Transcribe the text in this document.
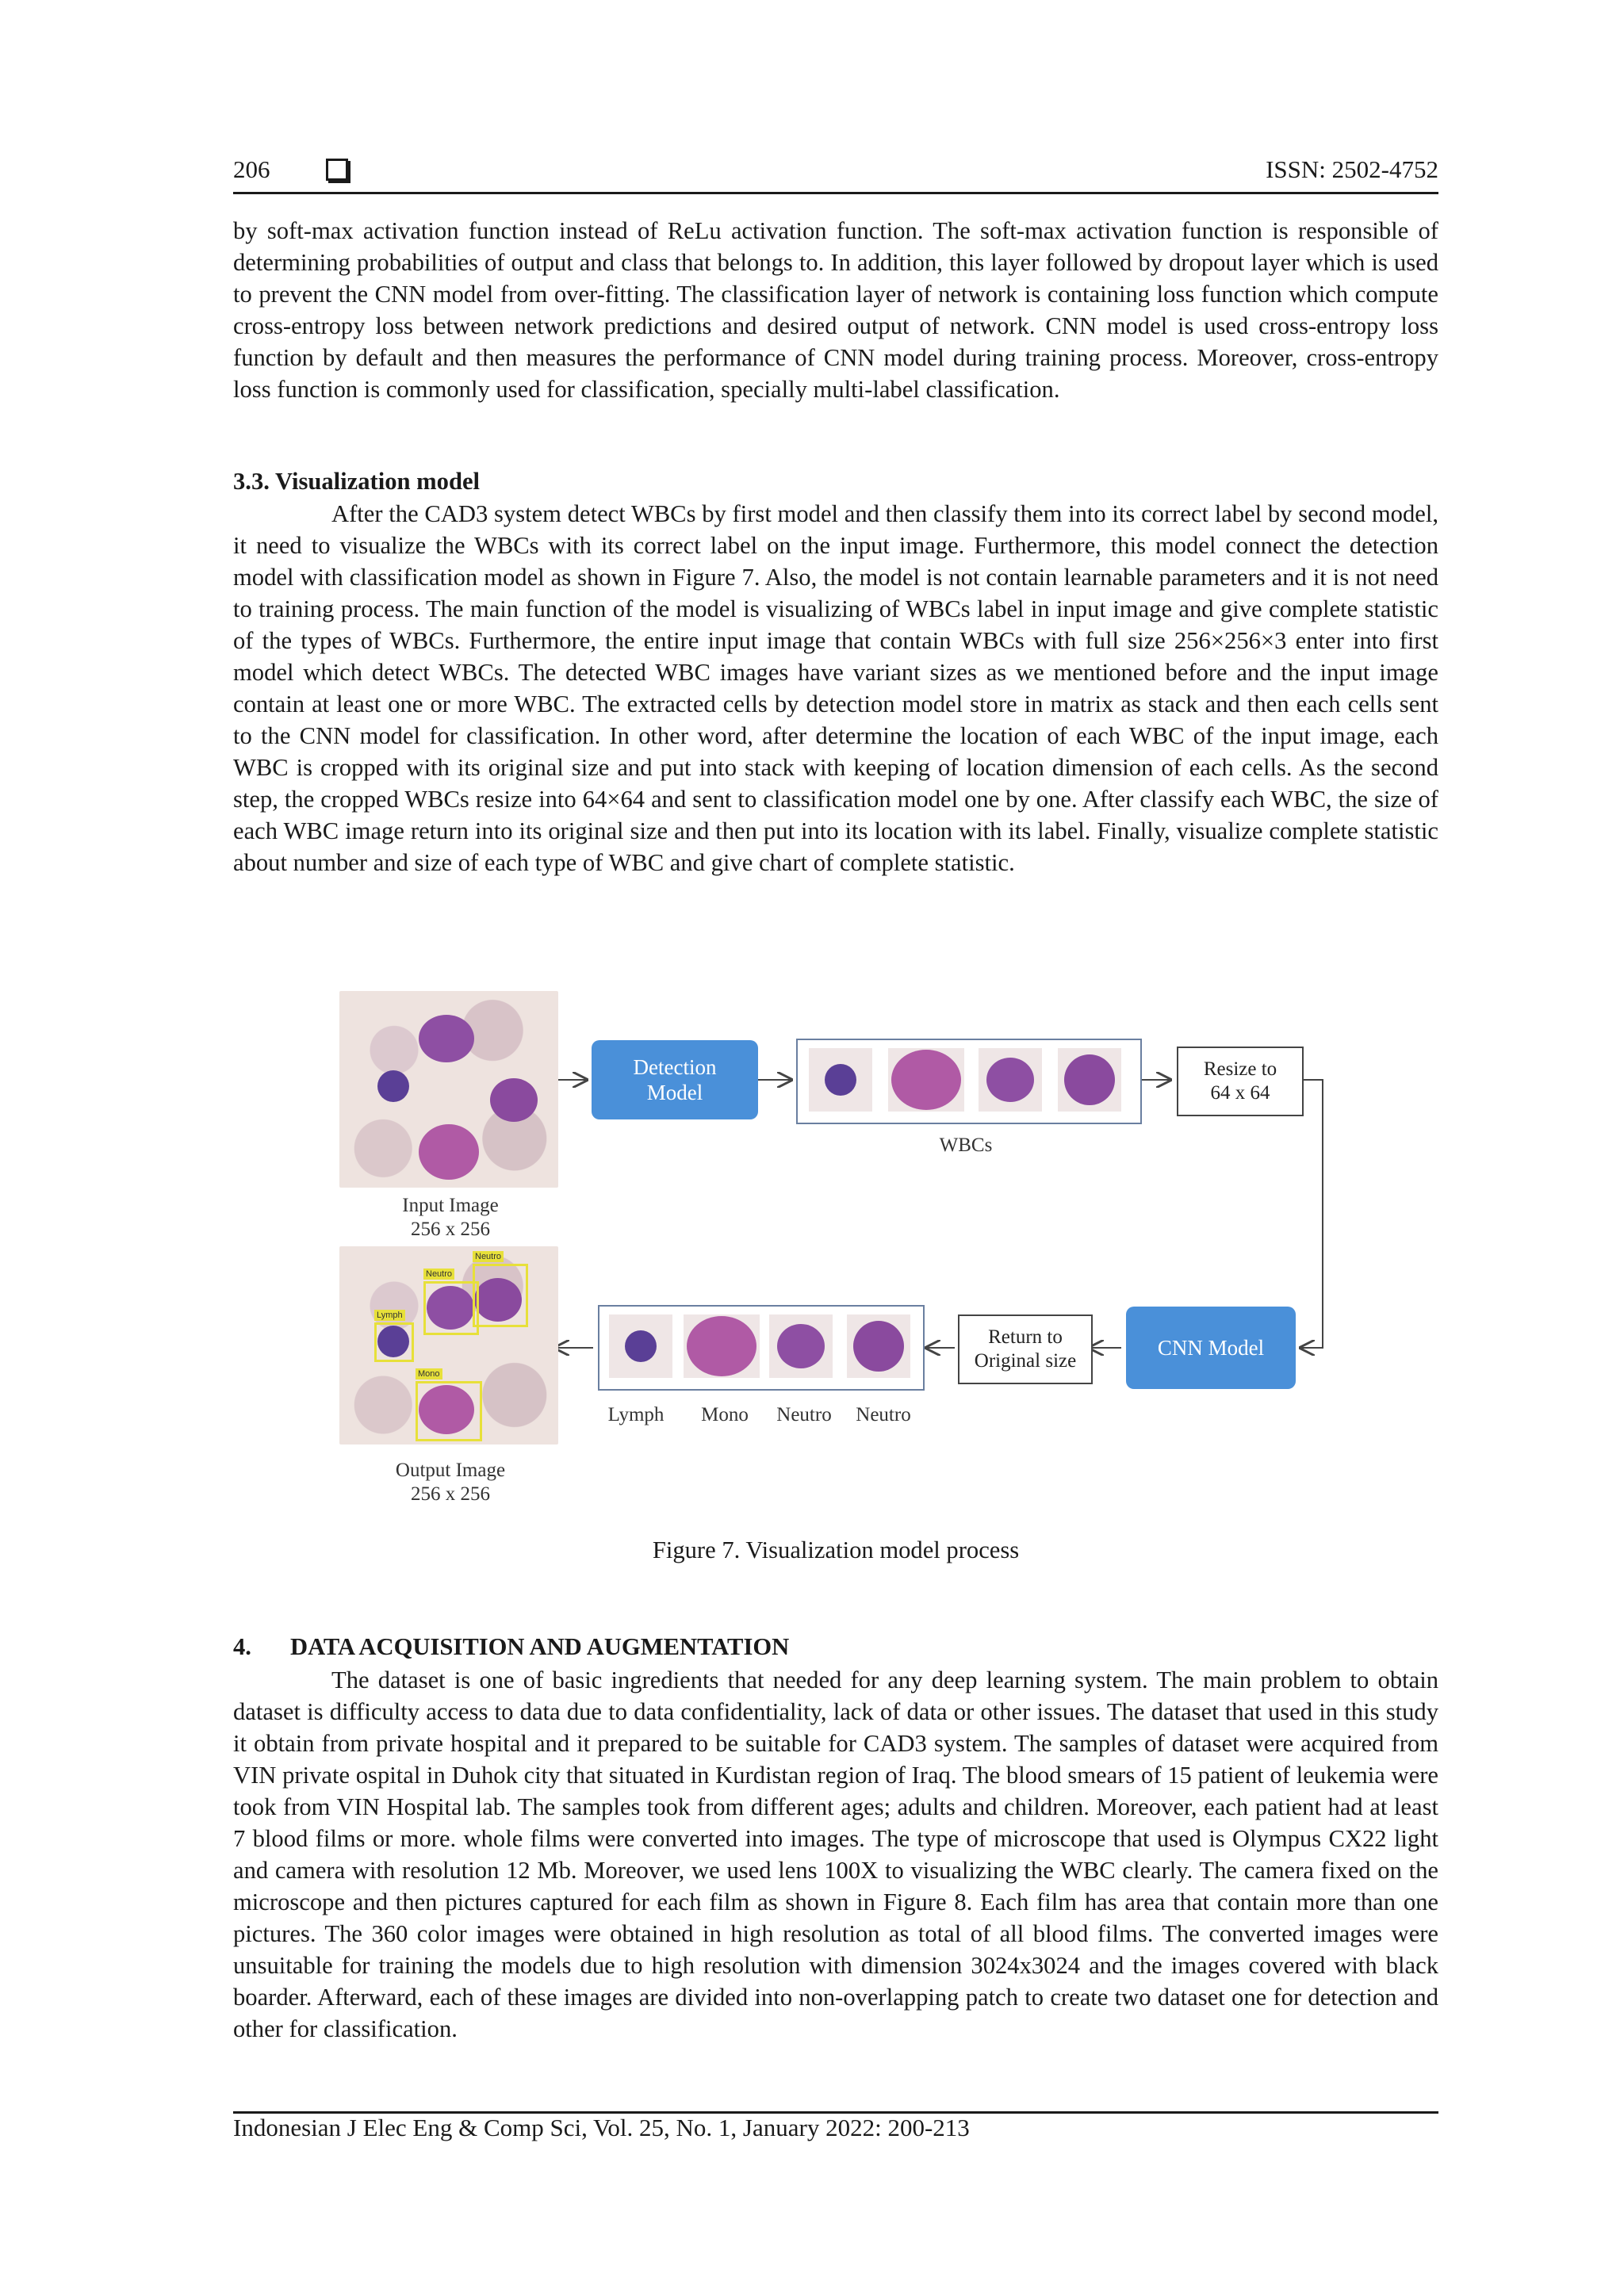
206	ISSN: 2502-4752

by soft-max activation function instead of ReLu activation function. The soft-max activation function is responsible of determining probabilities of output and class that belongs to. In addition, this layer followed by dropout layer which is used to prevent the CNN model from over-fitting. The classification layer of network is containing loss function which compute cross-entropy loss between network predictions and desired output of network. CNN model is used cross-entropy loss function by default and then measures the performance of CNN model during training process. Moreover, cross-entropy loss function is commonly used for classification, specially multi-label classification.

3.3. Visualization model

After the CAD3 system detect WBCs by first model and then classify them into its correct label by second model, it need to visualize the WBCs with its correct label on the input image. Furthermore, this model connect the detection model with classification model as shown in Figure 7. Also, the model is not contain learnable parameters and it is not need to training process. The main function of the model is visualizing of WBCs label in input image and give complete statistic of the types of WBCs. Furthermore, the entire input image that contain WBCs with full size 256×256×3 enter into first model which detect WBCs. The detected WBC images have variant sizes as we mentioned before and the input image contain at least one or more WBC. The extracted cells by detection model store in matrix as stack and then each cells sent to the CNN model for classification. In other word, after determine the location of each WBC of the input image, each WBC is cropped with its original size and put into stack with keeping of location dimension of each cells. As the second step, the cropped WBCs resize into 64×64 and sent to classification model one by one. After classify each WBC, the size of each WBC image return into its original size and then put into its location with its label. Finally, visualize complete statistic about number and size of each type of WBC and give chart of complete statistic.

Input Image
256 x 256
Lymph
Neutro
Neutro
Mono
Output Image
256 x 256
Detection Model
WBCs
Resize to 64 x 64
CNN Model
Return to Original size
Lymph	Mono	Neutro	Neutro
Figure 7. Visualization model process

4. DATA ACQUISITION AND AUGMENTATION

The dataset is one of basic ingredients that needed for any deep learning system. The main problem to obtain dataset is difficulty access to data due to data confidentiality, lack of data or other issues. The dataset that used in this study it obtain from private hospital and it prepared to be suitable for CAD3 system. The samples of dataset were acquired from VIN private ospital in Duhok city that situated in Kurdistan region of Iraq. The blood smears of 15 patient of leukemia were took from VIN Hospital lab. The samples took from different ages; adults and children. Moreover, each patient had at least 7 blood films or more. whole films were converted into images. The type of microscope that used is Olympus CX22 light and camera with resolution 12 Mb. Moreover, we used lens 100X to visualizing the WBC clearly. The camera fixed on the microscope and then pictures captured for each film as shown in Figure 8. Each film has area that contain more than one pictures. The 360 color images were obtained in high resolution as total of all blood films. The converted images were unsuitable for training the models due to high resolution with dimension 3024x3024 and the images covered with black boarder. Afterward, each of these images are divided into non-overlapping patch to create two dataset one for detection and other for classification.

Indonesian J Elec Eng & Comp Sci, Vol. 25, No. 1, January 2022: 200-213
